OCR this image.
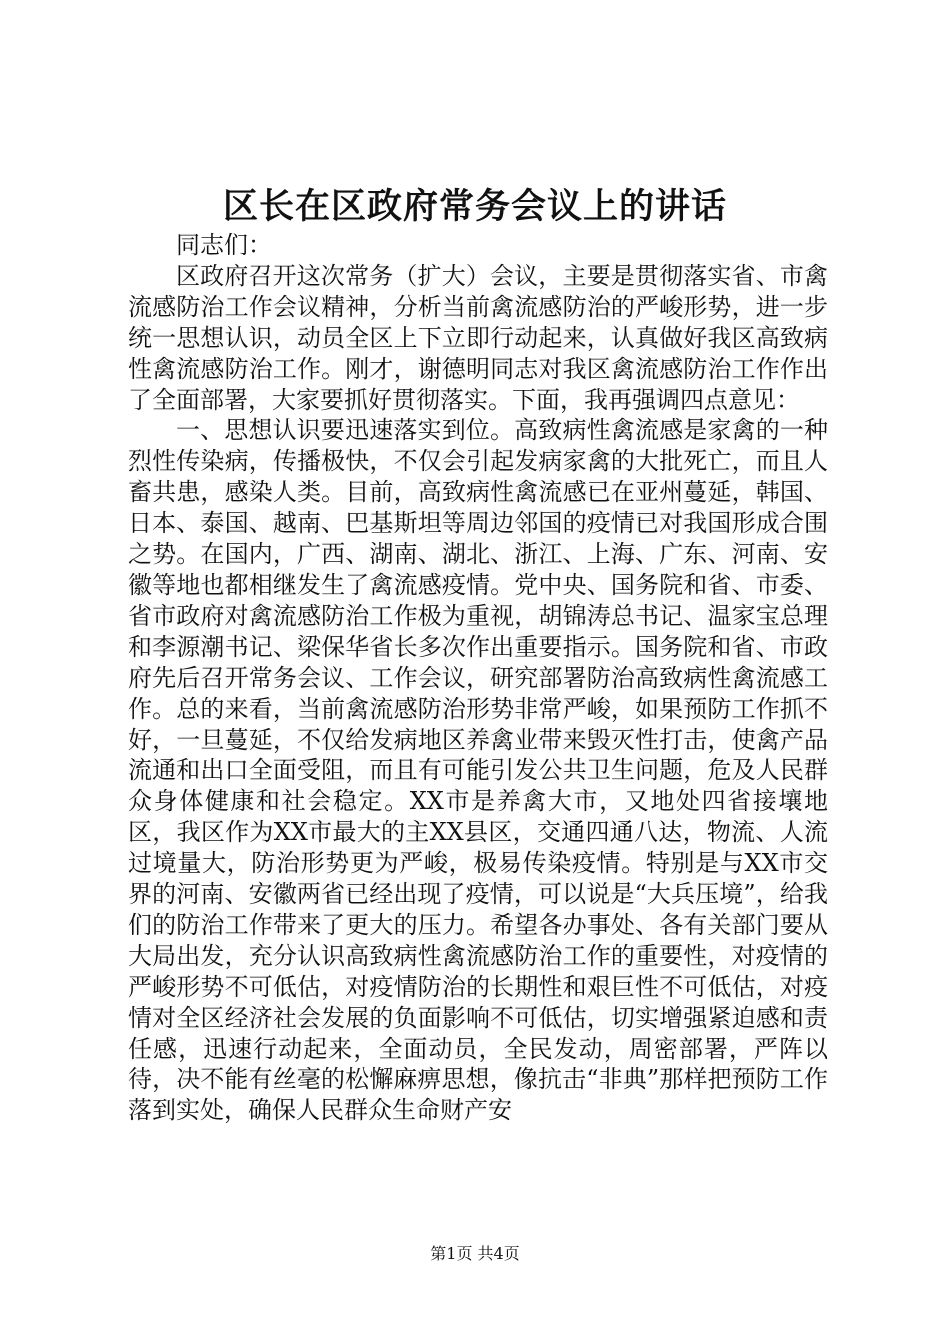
区长在区政府常务会议上的讲话

同志们：

区政府召开这次常务（扩大）会议，主要是贯彻落实省、市禽流感防治工作会议精神，分析当前禽流感防治的严峻形势，进一步统一思想认识，动员全区上下立即行动起来，认真做好我区高致病性禽流感防治工作。刚才，谢德明同志对我区禽流感防治工作作出了全面部署，大家要抓好贯彻落实。下面，我再强调四点意见：

一、思想认识要迅速落实到位。高致病性禽流感是家禽的一种烈性传染病，传播极快，不仅会引起发病家禽的大批死亡，而且人畜共患，感染人类。目前，高致病性禽流感已在亚州蔓延，韩国、日本、泰国、越南、巴基斯坦等周边邻国的疫情已对我国形成合围之势。在国内，广西、湖南、湖北、浙江、上海、广东、河南、安徽等地也都相继发生了禽流感疫情。党中央、国务院和省、市委、省市政府对禽流感防治工作极为重视，胡锦涛总书记、温家宝总理和李源潮书记、梁保华省长多次作出重要指示。国务院和省、市政府先后召开常务会议、工作会议，研究部署防治高致病性禽流感工作。总的来看，当前禽流感防治形势非常严峻，如果预防工作抓不好，一旦蔓延，不仅给发病地区养禽业带来毁灭性打击，使禽产品流通和出口全面受阻，而且有可能引发公共卫生问题，危及人民群众身体健康和社会稳定。XX市是养禽大市，又地处四省接壤地区，我区作为XX市最大的主XX县区，交通四通八达，物流、人流过境量大，防治形势更为严峻，极易传染疫情。特别是与XX市交界的河南、安徽两省已经出现了疫情，可以说是“大兵压境”，给我们的防治工作带来了更大的压力。希望各办事处、各有关部门要从大局出发，充分认识高致病性禽流感防治工作的重要性，对疫情的严峻形势不可低估，对疫情防治的长期性和艰巨性不可低估，对疫情对全区经济社会发展的负面影响不可低估，切实增强紧迫感和责任感，迅速行动起来，全面动员，全民发动，周密部署，严阵以待，决不能有丝毫的松懈麻痹思想，像抗击“非典”那样把预防工作落到实处，确保人民群众生命财产安

第1页 共4页
